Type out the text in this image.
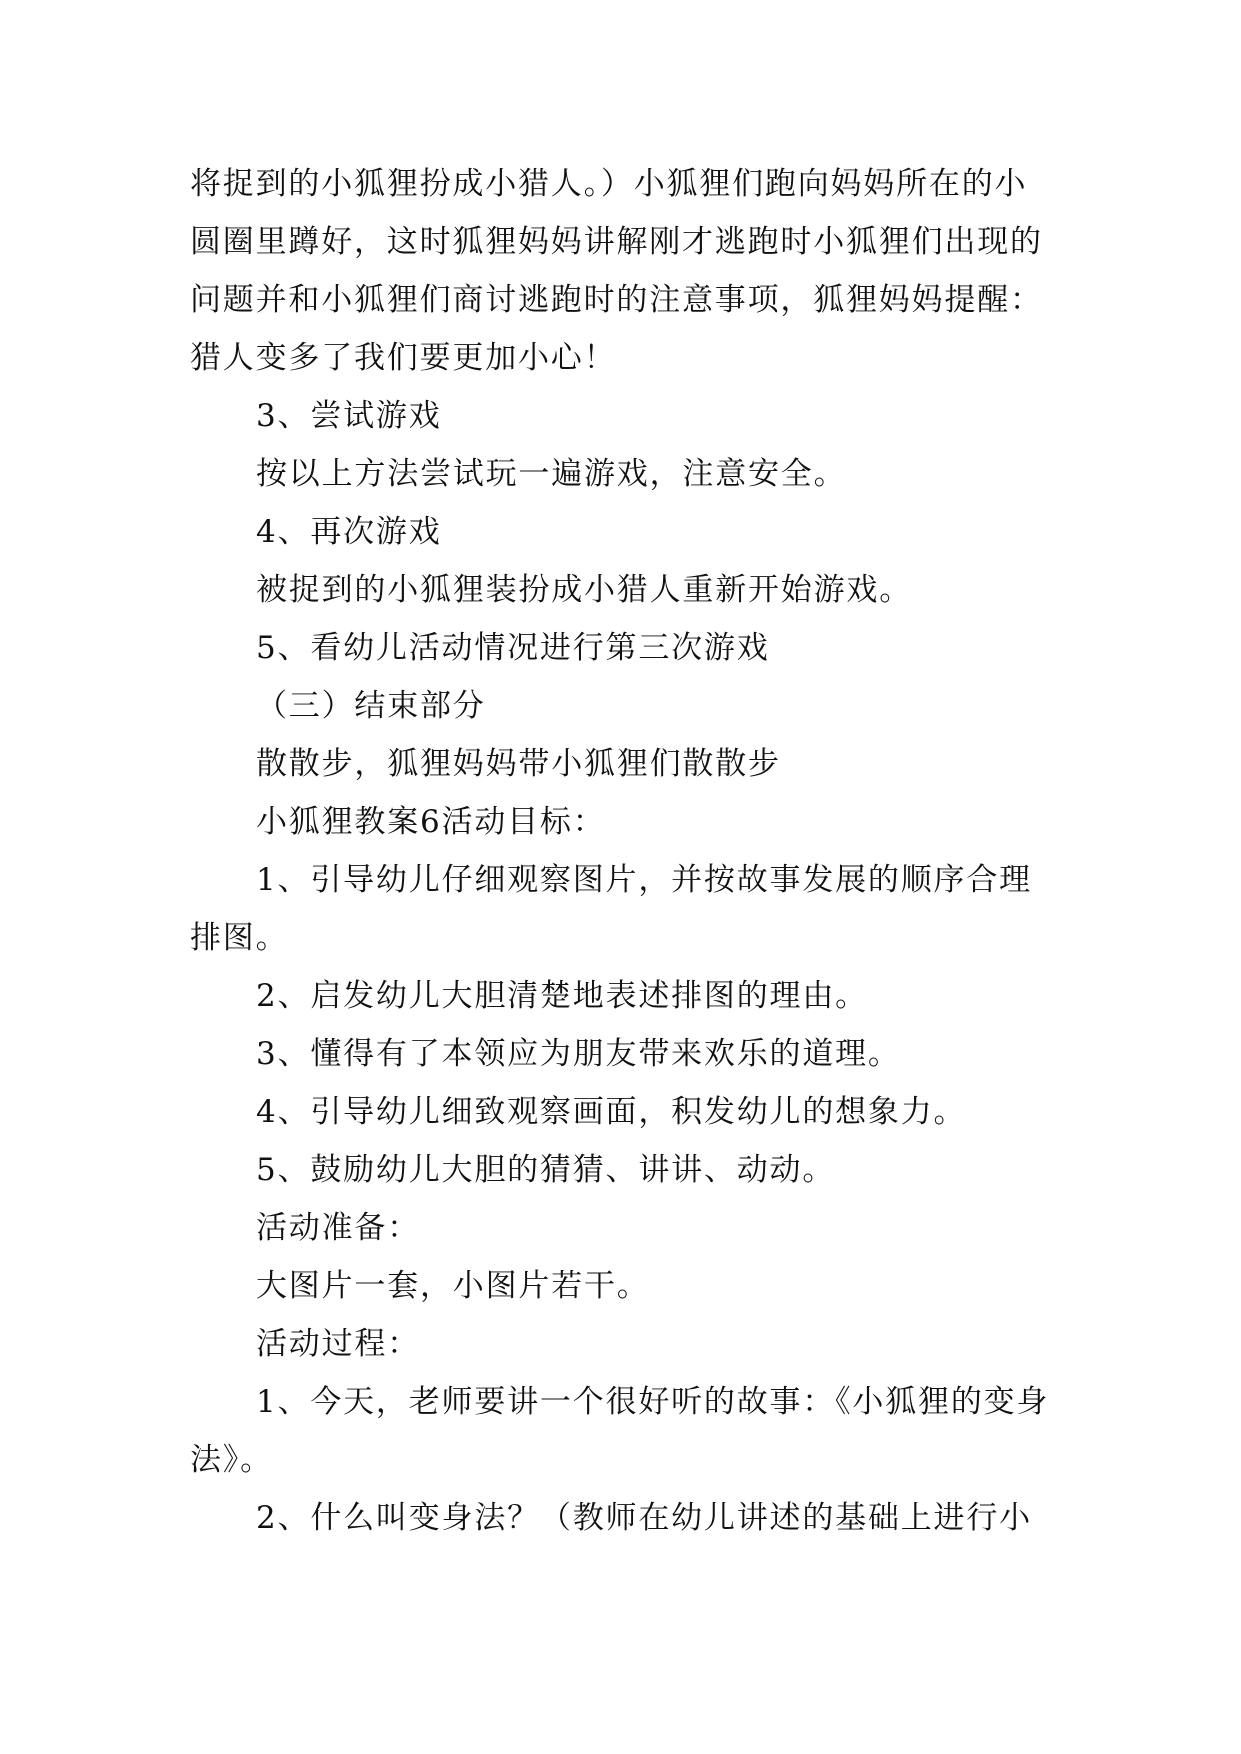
将捉到的小狐狸扮成小猎人。）小狐狸们跑向妈妈所在的小
圆圈里蹲好，这时狐狸妈妈讲解刚才逃跑时小狐狸们出现的
问题并和小狐狸们商讨逃跑时的注意事项，狐狸妈妈提醒：
猎人变多了我们要更加小心！
3、尝试游戏
按以上方法尝试玩一遍游戏，注意安全。
4、再次游戏
被捉到的小狐狸装扮成小猎人重新开始游戏。
5、看幼儿活动情况进行第三次游戏
（三）结束部分
散散步，狐狸妈妈带小狐狸们散散步
小狐狸教案6活动目标：
1、引导幼儿仔细观察图片，并按故事发展的顺序合理
排图。
2、启发幼儿大胆清楚地表述排图的理由。
3、懂得有了本领应为朋友带来欢乐的道理。
4、引导幼儿细致观察画面，积发幼儿的想象力。
5、鼓励幼儿大胆的猜猜、讲讲、动动。
活动准备：
大图片一套，小图片若干。
活动过程：
1、今天，老师要讲一个很好听的故事：《小狐狸的变身
法》。
2、什么叫变身法？（教师在幼儿讲述的基础上进行小
